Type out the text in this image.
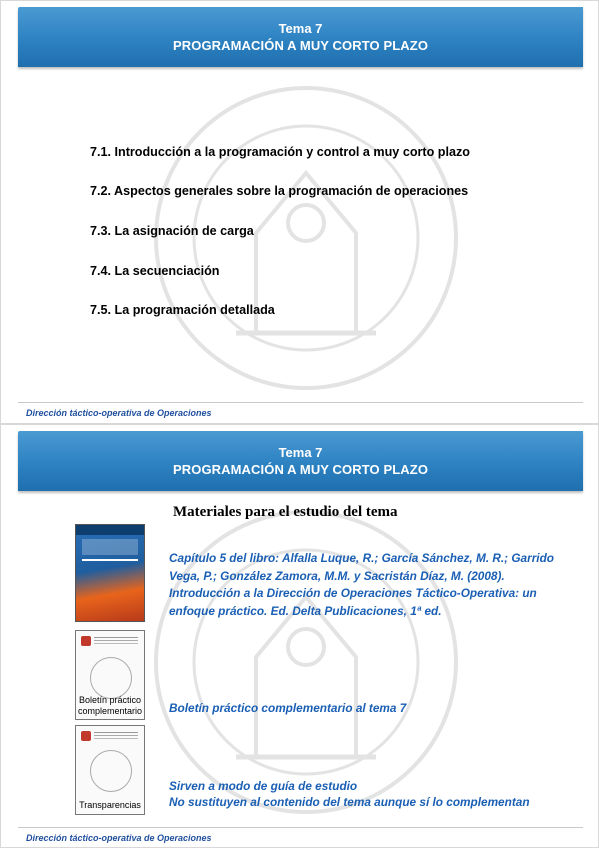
Tema 7
PROGRAMACIÓN A MUY CORTO PLAZO
7.1. Introducción a la programación y control a muy corto plazo
7.2. Aspectos generales sobre la programación de operaciones
7.3. La asignación de carga
7.4. La secuenciación
7.5. La programación detallada
Dirección táctico-operativa de Operaciones
Tema 7
PROGRAMACIÓN A MUY CORTO PLAZO
Materiales para el estudio del tema
Capítulo 5 del libro: Alfalla Luque, R.; García Sánchez, M. R.; Garrido Vega, P.; González Zamora, M.M. y Sacristán Díaz, M. (2008). Introducción a la Dirección de Operaciones Táctico-Operativa: un enfoque práctico. Ed. Delta Publicaciones, 1ª ed.
Boletín práctico complementario Boletín práctico complementario al tema 7
Transparencias
Sirven a modo de guía de estudio
No sustituyen al contenido del tema aunque sí lo complementan
Dirección táctico-operativa de Operaciones
